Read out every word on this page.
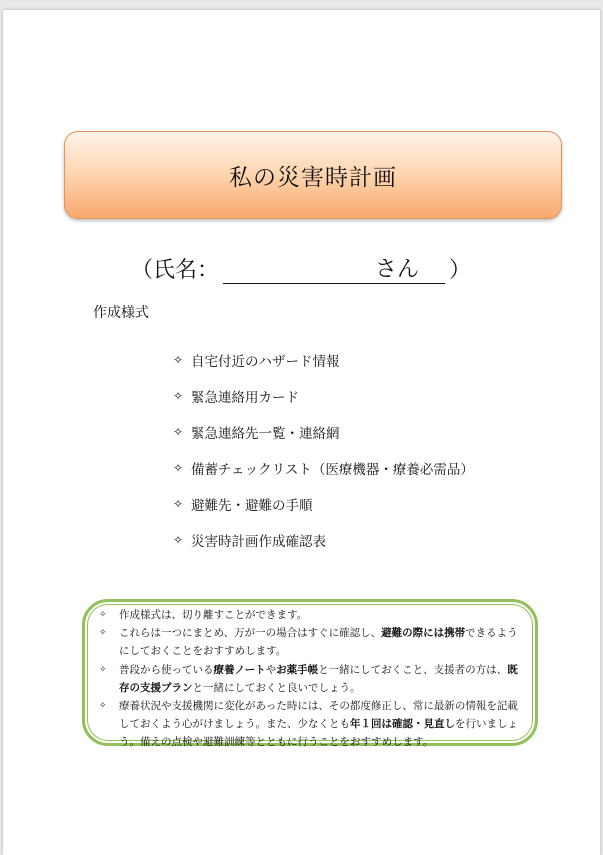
私の災害時計画
（氏名：	さん	）
作成様式
✧ 自宅付近のハザード情報
✧ 緊急連絡用カード
✧ 緊急連絡先一覧・連絡網
✧ 備蓄チェックリスト（医療機器・療養必需品）
✧ 避難先・避難の手順
✧ 災害時計画作成確認表
✧	作成様式は、切り離すことができます。
✧	これらは一つにまとめ、万が一の場合はすぐに確認し、避難の際には携帯できるようにしておくことをおすすめします。
✧	普段から使っている療養ノートやお薬手帳と一緒にしておくこと、支援者の方は、既存の支援プランと一緒にしておくと良いでしょう。
✧	療養状況や支援機関に変化があった時には、その都度修正し、常に最新の情報を記載しておくよう心がけましょう。また、少なくとも年１回は確認・見直しを行いましょう。備えの点検や避難訓練等とともに行うことをおすすめします。
